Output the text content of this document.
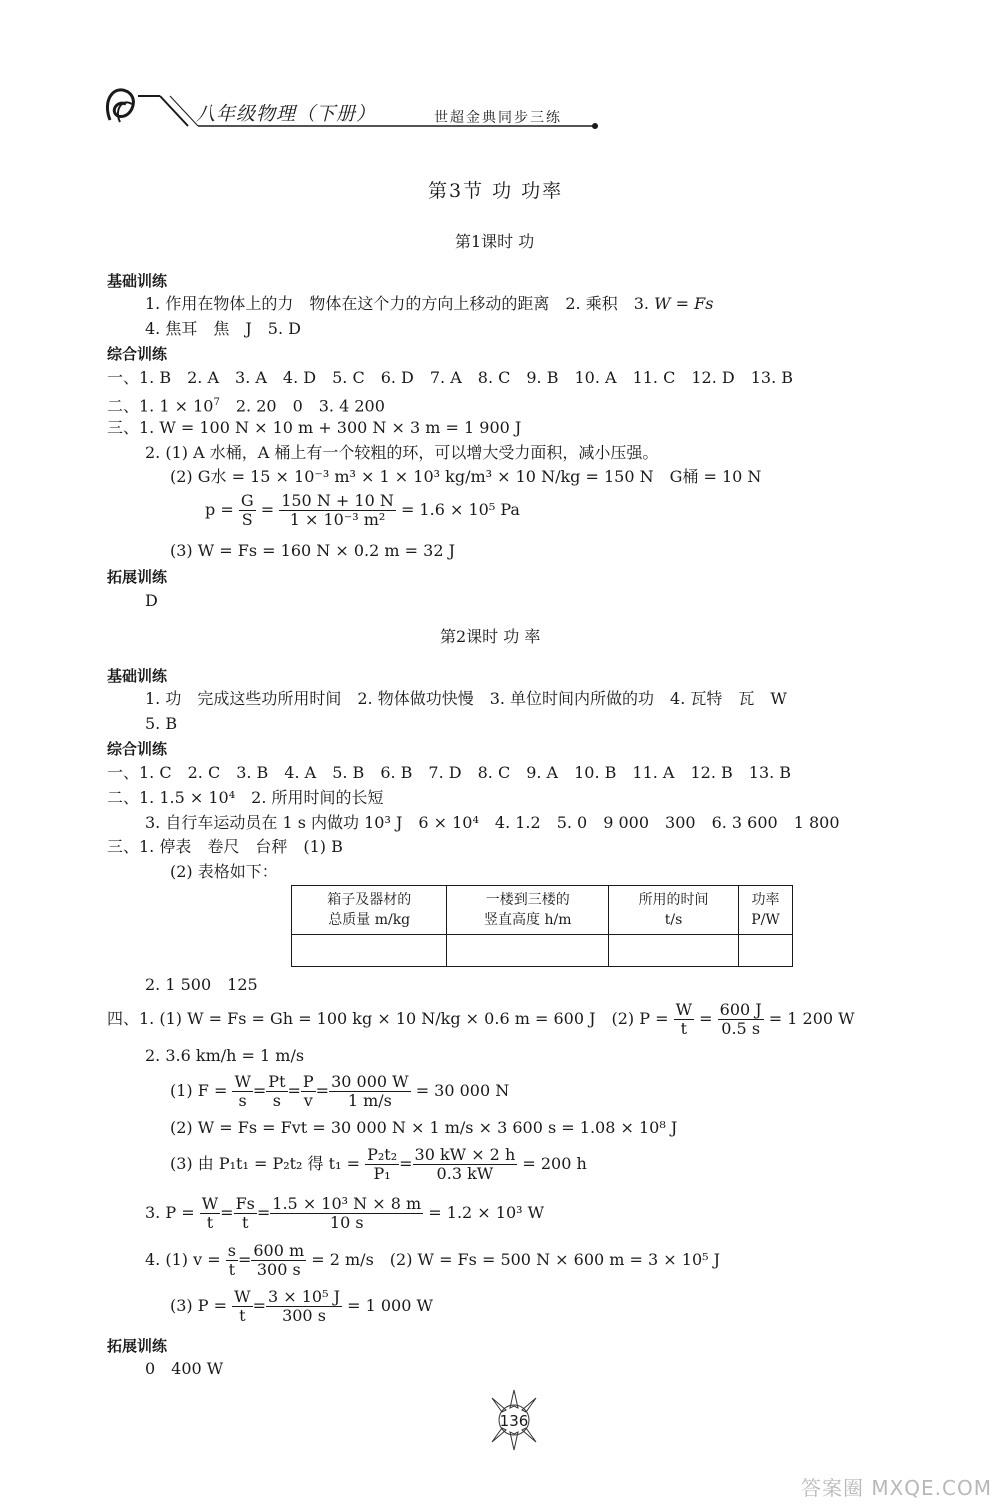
八年级物理（下册）	世超金典同步三练
第3节 功 功率
第1课时 功
基础训练
1. 作用在物体上的力　物体在这个力的方向上移动的距离　2. 乘积　3. W = Fs
4. 焦耳　焦　J　5. D
综合训练
一、1. B　2. A　3. A　4. D　5. C　6. D　7. A　8. C　9. B　10. A　11. C　12. D　13. B
二、1. $1 \times 10^7$　2. 20　0　3. 4 200
三、1. W = 100 N × 10 m + 300 N × 3 m = 1 900 J
2. (1) A 水桶，A 桶上有一个较粗的环，可以增大受力面积，减小压强。
(2) G水 = 15 × 10⁻³ m³ × 1 × 10³ kg/m³ × 10 N/kg = 150 N　G桶 = 10 N
$p = \frac{G}{S} = \frac{150 N + 10 N}{\text{1 × 10⁻³ m²}} = 1.6 \times 10^5$ Pa
(3) W = Fs = 160 N × 0.2 m = 32 J
拓展训练
D
第2课时 功 率
基础训练
1. 功　完成这些功所用时间　2. 物体做功快慢　3. 单位时间内所做的功　4. 瓦特　瓦　W
5. B
综合训练
一、1. C　2. C　3. B　4. A　5. B　6. B　7. D　8. C　9. A　10. B　11. A　12. B　13. B
二、1. 1.5 × 10⁴　2. 所用时间的长短
3. 自行车运动员在 1 s 内做功 10³ J　6 × 10⁴　4. 1.2　5. 0　9 000　300　6. 3 600　1 800
三、1. 停表　卷尺　台秤　(1) B
(2) 表格如下：
箱子及器材的
总质量 m/kg	一楼到三楼的
竖直高度 h/m	所用的时间
t/s	功率
P/W

2. 1 500　125
四、1. (1) W = Fs = Gh = 100 kg × 10 N/kg × 0.6 m = 600 J　(2) $P = \frac{W}{t} = \frac{600 J}{0.5 s} = 1$ 200 W
2. 3.6 km/h = 1 m/s
(1) $F = \frac{W}{s} = \frac{Pt}{s} = \frac{P}{v} = \frac{30 000 W}{1 m/s} = 30$ 000 N
(2) W = Fs = Fvt = 30 000 N × 1 m/s × 3 600 s = 1.08 × 10⁸ J
(3) 由 P₁t₁ = P₂t₂ 得 $t_1 = \frac{\text{P₂t₂}}{\text{P₁}} = \frac{30 kW \times 2 h}{0.3 kW} = 200$ h
3. $P = \frac{W}{t} = \frac{Fs}{t} = \frac{\text{1.5 × 10³ N × 8 m}}{10 s} = 1.2 \times 10^3$ W
4. (1) $v = \frac{s}{t} = \frac{600 m}{300 s} = 2$ m/s　(2) W = Fs = 500 N × 600 m = 3 × 10⁵ J
(3) $P = \frac{W}{t} = \frac{\text{3 × 10⁵ J}}{300 s} = 1$ 000 W
拓展训练
0　400 W
136
答案圈 MXQE.COM
